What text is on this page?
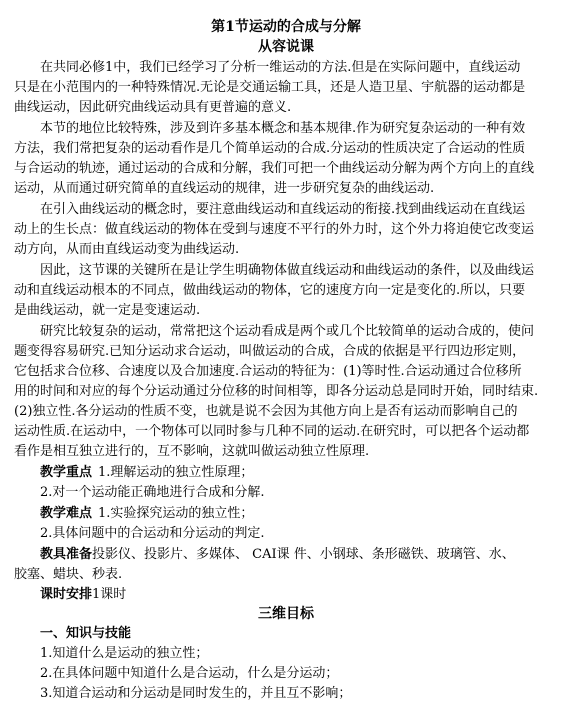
第1节运动的合成与分解
从容说课
在共同必修1中，我们已经学习了分析一维运动的方法.但是在实际问题中，直线运动
只是在小范围内的一种特殊情况.无论是交通运输工具，还是人造卫星、宇航器的运动都是
曲线运动，因此研究曲线运动具有更普遍的意义.
本节的地位比较特殊，涉及到许多基本概念和基本规律.作为研究复杂运动的一种有效
方法，我们常把复杂的运动看作是几个简单运动的合成.分运动的性质决定了合运动的性质
与合运动的轨迹，通过运动的合成和分解，我们可把一个曲线运动分解为两个方向上的直线
运动，从而通过研究简单的直线运动的规律，进一步研究复杂的曲线运动.
在引入曲线运动的概念时，要注意曲线运动和直线运动的衔接.找到曲线运动在直线运
动上的生长点：做直线运动的物体在受到与速度不平行的外力时，这个外力将迫使它改变运
动方向，从而由直线运动变为曲线运动.
因此，这节课的关键所在是让学生明确物体做直线运动和曲线运动的条件，以及曲线运
动和直线运动根本的不同点，做曲线运动的物体，它的速度方向一定是变化的.所以，只要
是曲线运动，就一定是变速运动.
研究比较复杂的运动，常常把这个运动看成是两个或几个比较简单的运动合成的，使问
题变得容易研究.已知分运动求合运动，叫做运动的合成，合成的依据是平行四边形定则，
它包括求合位移、合速度以及合加速度.合运动的特征为：(1)等时性.合运动通过合位移所
用的时间和对应的每个分运动通过分位移的时间相等，即各分运动总是同时开始，同时结束.
(2)独立性.各分运动的性质不变，也就是说不会因为其他方向上是否有运动而影响自己的
运动性质.在运动中，一个物体可以同时参与几种不同的运动.在研究时，可以把各个运动都
看作是相互独立进行的，互不影响，这就叫做运动独立性原理.
教学重点 1.理解运动的独立性原理；
2.对一个运动能正确地进行合成和分解.
教学难点 1.实验探究运动的独立性；
2.具体问题中的合运动和分运动的判定.
教具准备投影仪、投影片、多媒体、 CAI课 件、小钢球、条形磁铁、玻璃管、水、
胶塞、蜡块、秒表.
课时安排1课时
三维目标
一、知识与技能
1.知道什么是运动的独立性；
2.在具体问题中知道什么是合运动，什么是分运动；
3.知道合运动和分运动是同时发生的，并且互不影响；
